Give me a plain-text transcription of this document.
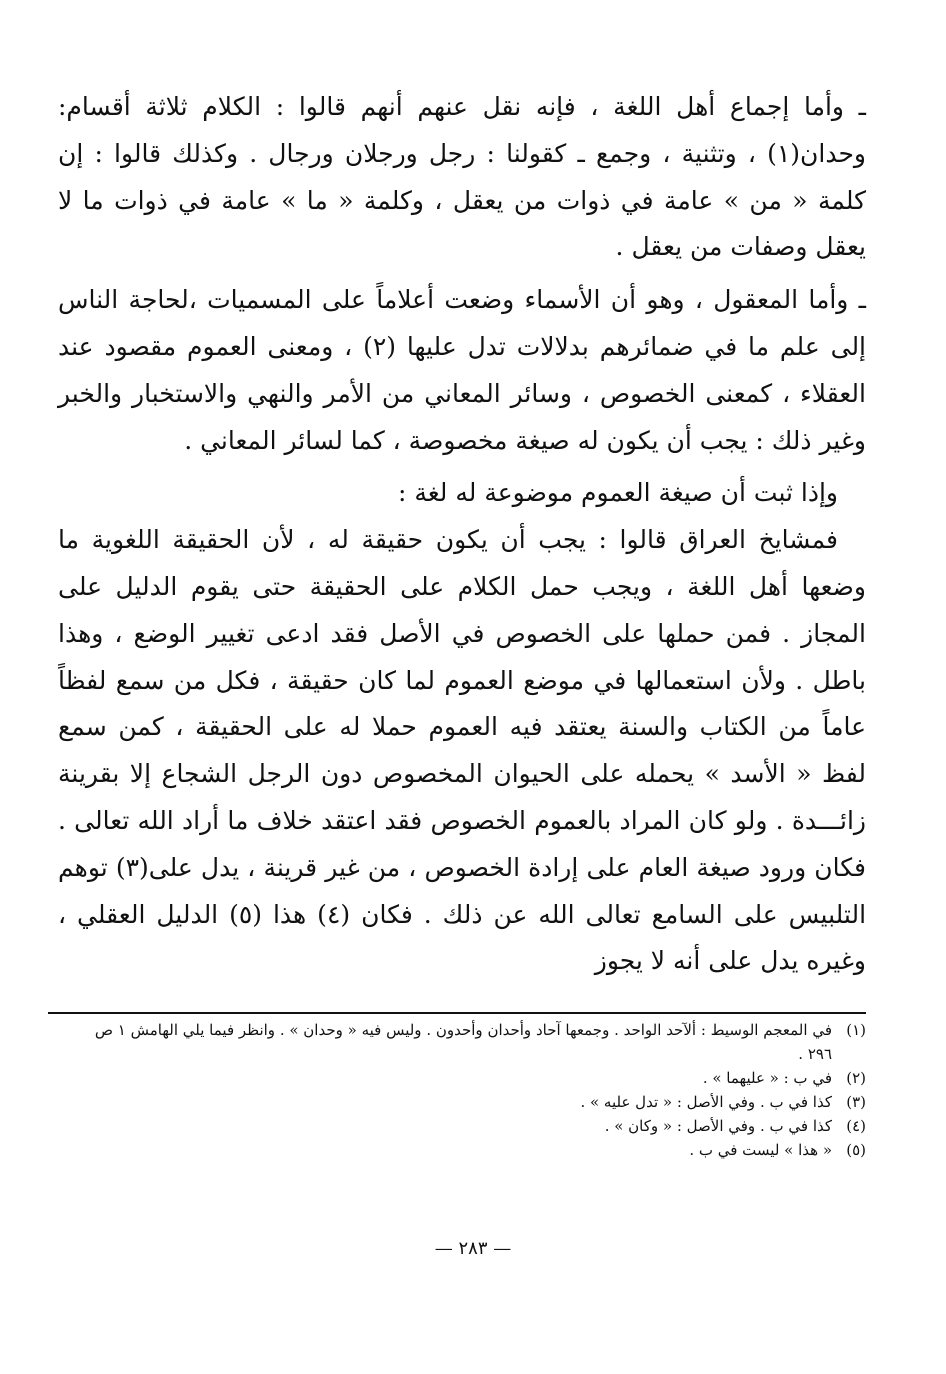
ـ وأما إجماع أهل اللغة ، فإنه نقل عنهم أنهم قالوا : الكلام ثلاثة أقسام: وحدان(١) ، وتثنية ، وجمع ـ كقولنا : رجل ورجلان ورجال . وكذلك قالوا : إن كلمة « من » عامة في ذوات من يعقل ، وكلمة « ما » عامة في ذوات ما لا يعقل وصفات من يعقل .

ـ وأما المعقول ، وهو أن الأسماء وضعت أعلاماً على المسميات ،لحاجة الناس إلى علم ما في ضمائرهم بدلالات تدل عليها (٢) ، ومعنى العموم مقصود عند العقلاء ، كمعنى الخصوص ، وسائر المعاني من الأمر والنهي والاستخبار والخبر وغير ذلك : يجب أن يكون له صيغة مخصوصة ، كما لسائر المعاني .

وإذا ثبت أن صيغة العموم موضوعة له لغة :

فمشايخ العراق قالوا : يجب أن يكون حقيقة له ، لأن الحقيقة اللغوية ما وضعها أهل اللغة ، ويجب حمل الكلام على الحقيقة حتى يقوم الدليل على المجاز . فمن حملها على الخصوص في الأصل فقد ادعى تغيير الوضع ، وهذا باطل . ولأن استعمالها في موضع العموم لما كان حقيقة ، فكل من سمع لفظاً عاماً من الكتاب والسنة يعتقد فيه العموم حملا له على الحقيقة ، كمن سمع لفظ « الأسد » يحمله على الحيوان المخصوص دون الرجل الشجاع إلا بقرينة زائـــدة . ولو كان المراد بالعموم الخصوص فقد اعتقد خلاف ما أراد الله تعالى . فكان ورود صيغة العام على إرادة الخصوص ، من غير قرينة ، يدل على(٣) توهم التلبيس على السامع تعالى الله عن ذلك . فكان (٤) هذا (٥) الدليل العقلي ، وغيره يدل على أنه لا يجوز

(١)
في المعجم الوسيط : ألآحد الواحد . وجمعها آحاد وأحدان وأحدون . وليس فيه « وحدان » . وانظر فيما يلي الهامش ١ ص ٢٩٦ .
(٢)
في ب : « عليهما » .
(٣)
كذا في ب . وفي الأصل : « تدل عليه » .
(٤)
كذا في ب . وفي الأصل : « وكان » .
(٥)
« هذا » ليست في ب .
— ٢٨٣ —
